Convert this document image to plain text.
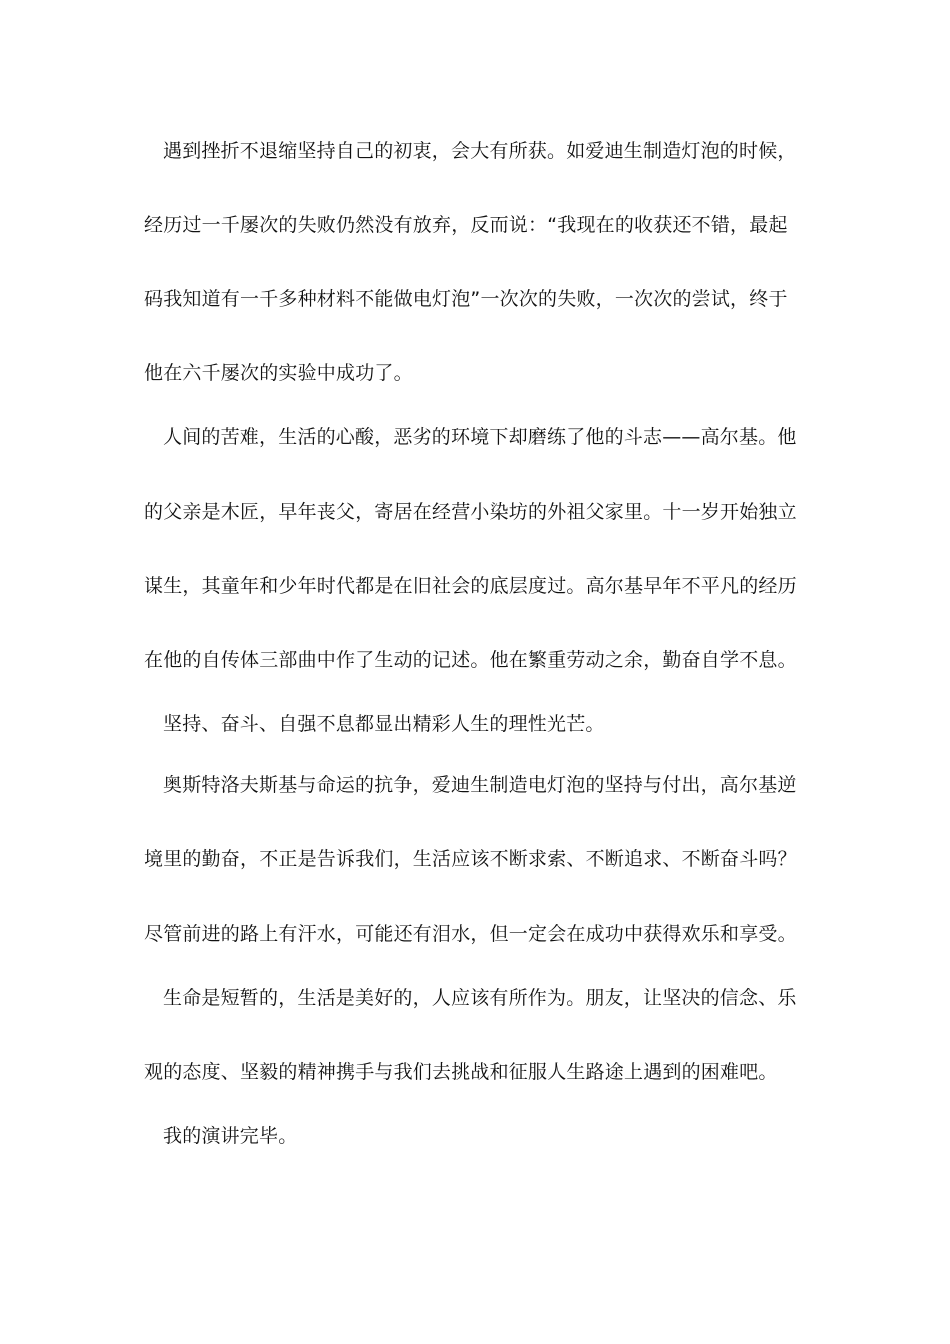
遇到挫折不退缩坚持自己的初衷，会大有所获。如爱迪生制造灯泡的时候，
经历过一千屡次的失败仍然没有放弃，反而说：“我现在的收获还不错，最起
码我知道有一千多种材料不能做电灯泡”一次次的失败，一次次的尝试，终于
他在六千屡次的实验中成功了。
人间的苦难，生活的心酸，恶劣的环境下却磨练了他的斗志——高尔基。他
的父亲是木匠，早年丧父，寄居在经营小染坊的外祖父家里。十一岁开始独立
谋生，其童年和少年时代都是在旧社会的底层度过。高尔基早年不平凡的经历
在他的自传体三部曲中作了生动的记述。他在繁重劳动之余，勤奋自学不息。
坚持、奋斗、自强不息都显出精彩人生的理性光芒。
奥斯特洛夫斯基与命运的抗争，爱迪生制造电灯泡的坚持与付出，高尔基逆
境里的勤奋，不正是告诉我们，生活应该不断求索、不断追求、不断奋斗吗？
尽管前进的路上有汗水，可能还有泪水，但一定会在成功中获得欢乐和享受。
生命是短暂的，生活是美好的，人应该有所作为。朋友，让坚决的信念、乐
观的态度、坚毅的精神携手与我们去挑战和征服人生路途上遇到的困难吧。
我的演讲完毕。
